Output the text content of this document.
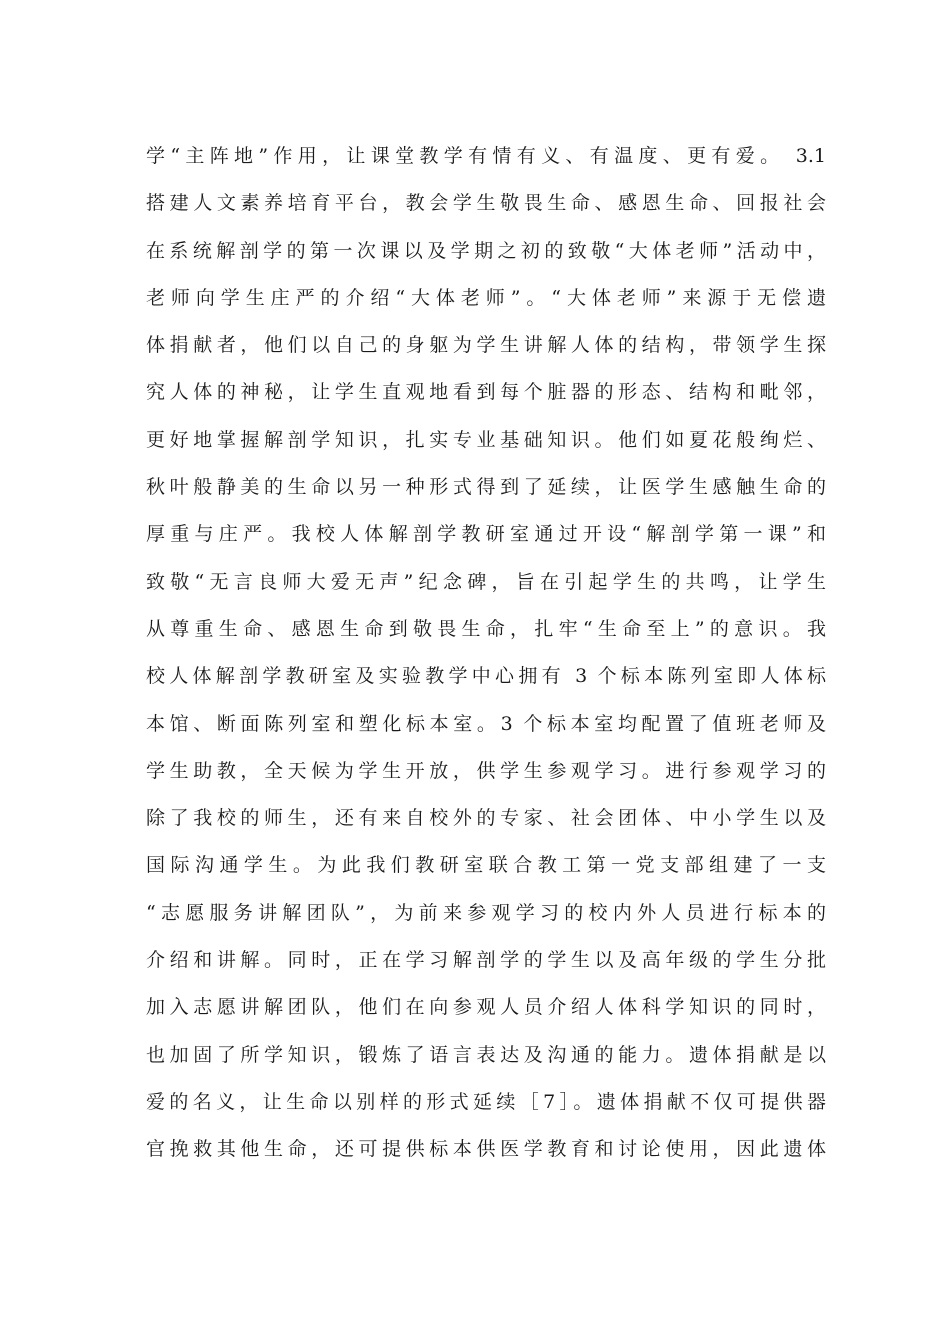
学“主阵地”作用，让课堂教学有情有义、有温度、更有爱。 3.1
搭建人文素养培育平台，教会学生敬畏生命、感恩生命、回报社会
在系统解剖学的第一次课以及学期之初的致敬“大体老师”活动中，
老师向学生庄严的介绍“大体老师”。“大体老师”来源于无偿遗
体捐献者，他们以自己的身躯为学生讲解人体的结构，带领学生探
究人体的神秘，让学生直观地看到每个脏器的形态、结构和毗邻，
更好地掌握解剖学知识，扎实专业基础知识。他们如夏花般绚烂、
秋叶般静美的生命以另一种形式得到了延续，让医学生感触生命的
厚重与庄严。我校人体解剖学教研室通过开设“解剖学第一课”和
致敬“无言良师大爱无声”纪念碑，旨在引起学生的共鸣，让学生
从尊重生命、感恩生命到敬畏生命，扎牢“生命至上”的意识。我
校人体解剖学教研室及实验教学中心拥有 3 个标本陈列室即人体标
本馆、断面陈列室和塑化标本室。3 个标本室均配置了值班老师及
学生助教，全天候为学生开放，供学生参观学习。进行参观学习的
除了我校的师生，还有来自校外的专家、社会团体、中小学生以及
国际沟通学生。为此我们教研室联合教工第一党支部组建了一支
“志愿服务讲解团队”，为前来参观学习的校内外人员进行标本的
介绍和讲解。同时，正在学习解剖学的学生以及高年级的学生分批
加入志愿讲解团队，他们在向参观人员介绍人体科学知识的同时，
也加固了所学知识，锻炼了语言表达及沟通的能力。遗体捐献是以
爱的名义，让生命以别样的形式延续［7］。遗体捐献不仅可提供器
官挽救其他生命，还可提供标本供医学教育和讨论使用，因此遗体
